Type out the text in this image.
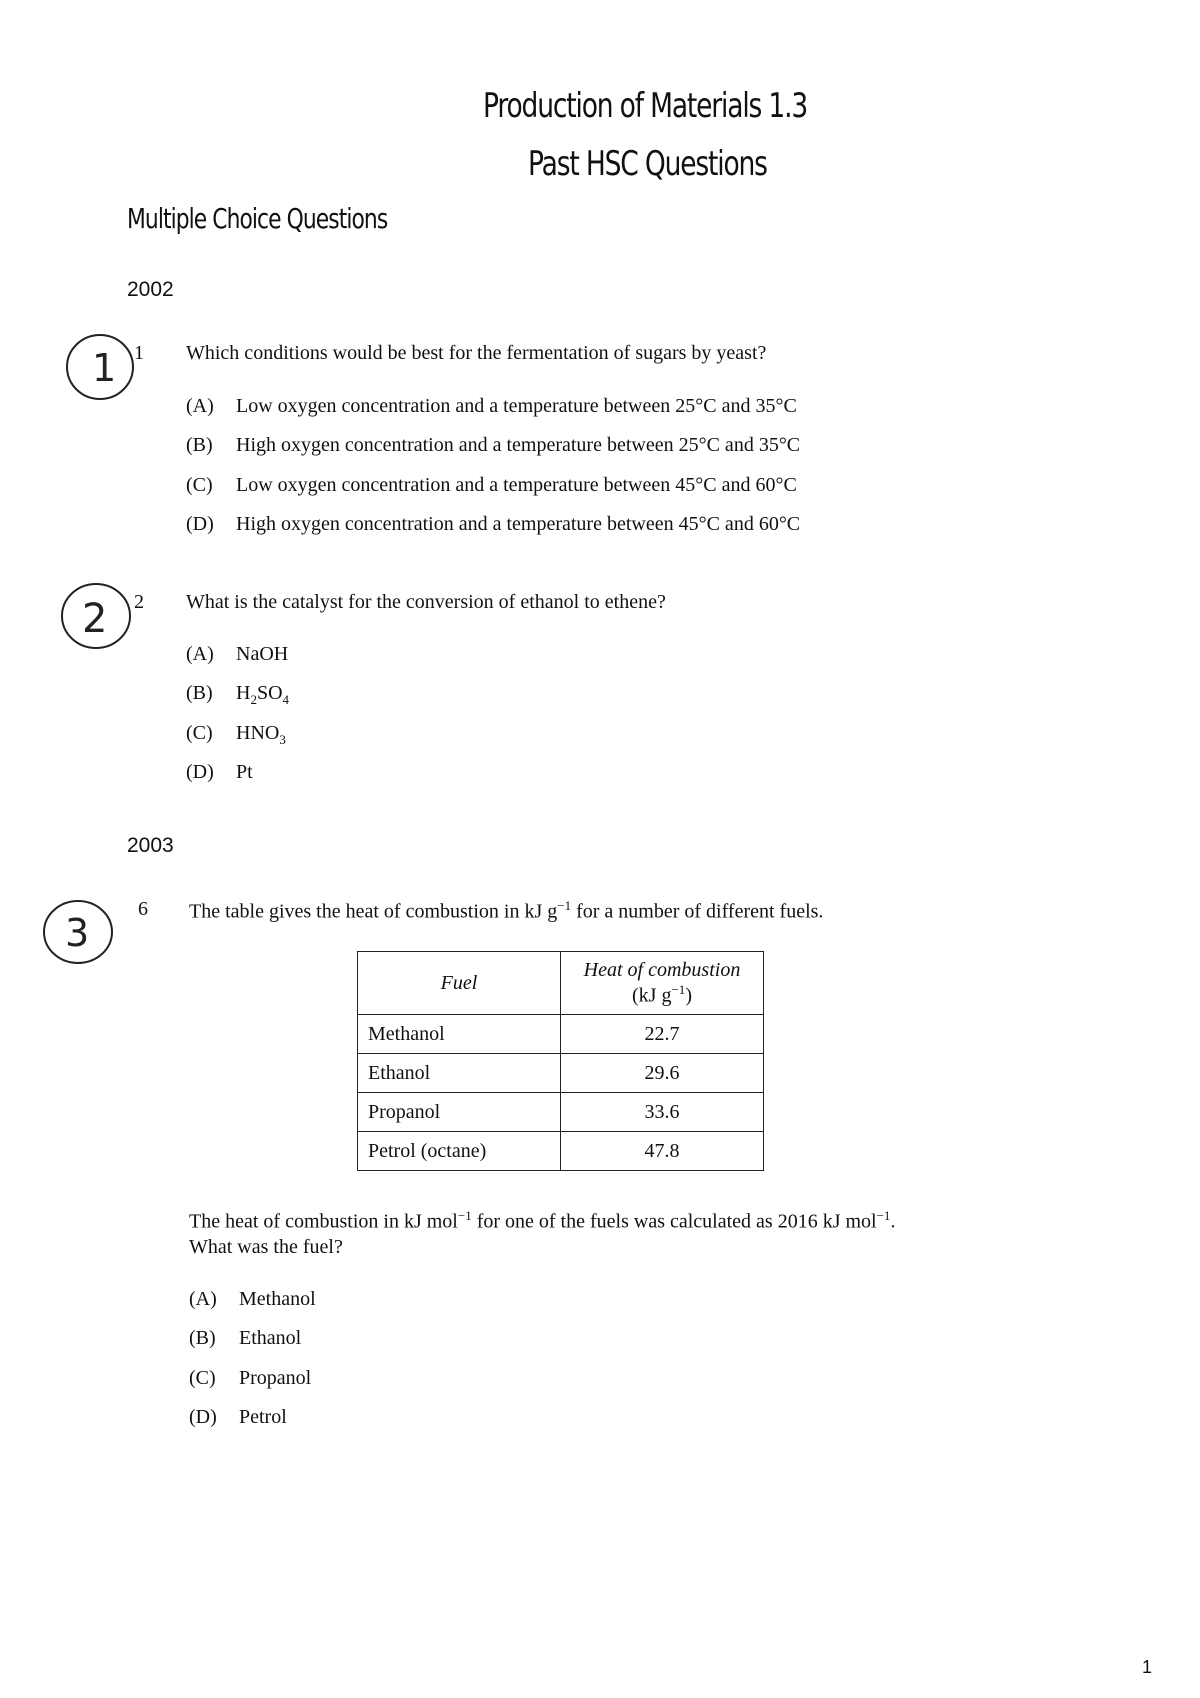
Production of Materials 1.3
Past HSC Questions
Multiple Choice Questions
2002
1 1 Which conditions would be best for the fermentation of sugars by yeast?
(A) Low oxygen concentration and a temperature between 25°C and 35°C
(B) High oxygen concentration and a temperature between 25°C and 35°C
(C) Low oxygen concentration and a temperature between 45°C and 60°C
(D) High oxygen concentration and a temperature between 45°C and 60°C
2 2 What is the catalyst for the conversion of ethanol to ethene?
(A) NaOH
(B) $H_2SO_4$
(C) $HNO_3$
(D) Pt
2003
3
6 The table gives the heat of combustion in kJ $g^{-1}$ for a number of different fuels.
Fuel	Heat of combustion
(kJ $g^{-1}$)

Methanol	22.7
Ethanol	29.6
Propanol	33.6
Petrol (octane)	47.8
The heat of combustion in kJ mol$^{-1}$ for one of the fuels was calculated as 2016 kJ mol$^{-1}$.
What was the fuel?
(A) Methanol
(B) Ethanol
(C) Propanol
(D) Petrol
1
